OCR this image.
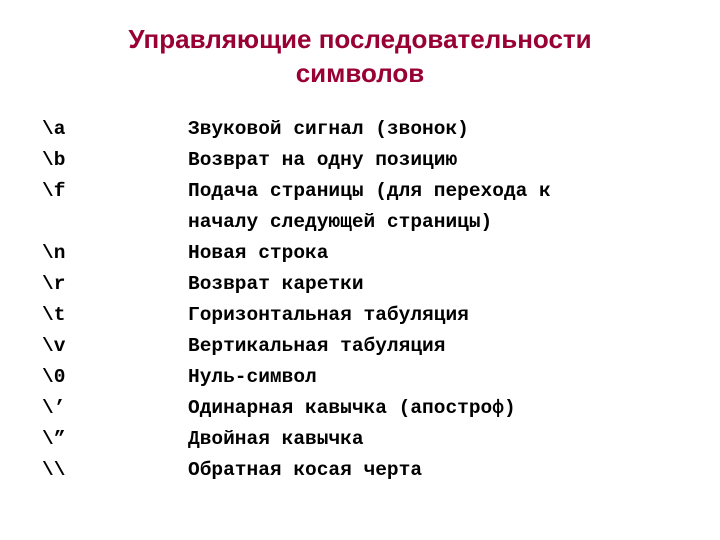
Управляющие последовательности
символов
\a	Звуковой сигнал (звонок)
\b	Возврат на одну позицию
\f	Подача страницы (для перехода к
началу следующей страницы)
\n	Новая строка
\r	Возврат каретки
\t	Горизонтальная табуляция
\v	Вертикальная табуляция
\0	Нуль-символ
\’	Одинарная кавычка (апостроф)
\”	Двойная кавычка
\\	Обратная косая черта
